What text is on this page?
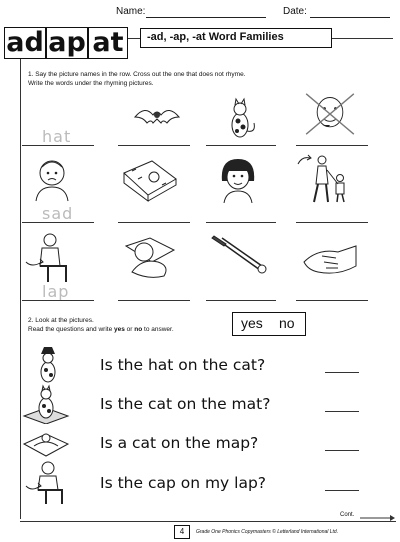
Name:	Date:
ad ap at	-ad, -ap, -at Word Families
1. Say the picture names in the row. Cross out the one that does not rhyme.
Write the words under the rhyming pictures.
hat
sad
lap
2. Look at the pictures.
Read the questions and write yes or no to answer.	yes no
Is the hat on the cat?
Is the cat on the mat?
Is a cat on the map?
Is the cap on my lap?
Cont.
4	Grade One Phonics Copymasters © Letterland International Ltd.
